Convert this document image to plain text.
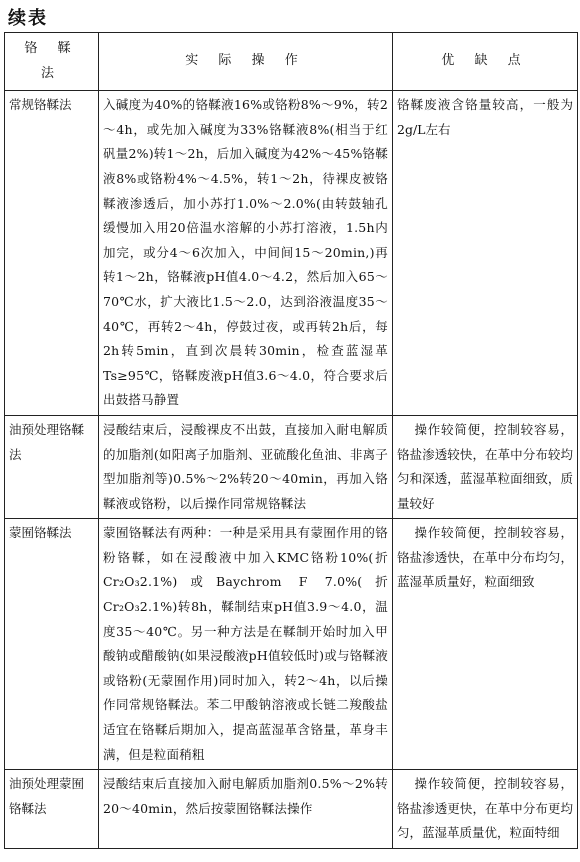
续表
铬 鞣 法	实 际 操 作	优 缺 点
常规铬鞣法	入碱度为40%的铬鞣液16%或铬粉8%～9%，转2～4h，或先加入碱度为33%铬鞣液8%(相当于红矾量2%)转1～2h，后加入碱度为42%～45%铬鞣液8%或铬粉4%～4.5%，转1～2h，待裸皮被铬鞣液渗透后，加小苏打1.0%～2.0%(由转鼓轴孔缓慢加入用20倍温水溶解的小苏打溶液，1.5h内加完，或分4～6次加入，中间间15～20min,)再转1～2h，铬鞣液pH值4.0～4.2，然后加入65～70℃水，扩大液比1.5～2.0，达到浴液温度35～40℃，再转2～4h，停鼓过夜，或再转2h后，每2h转5min，直到次晨转30min，检查蓝湿革Ts≥95℃，铬鞣废液pH值3.6～4.0，符合要求后出鼓搭马静置	铬鞣废液含铬量较高，一般为2g/L左右
油预处理铬鞣法	浸酸结束后，浸酸裸皮不出鼓，直接加入耐电解质的加脂剂(如阳离子加脂剂、亚硫酸化鱼油、非离子型加脂剂等)0.5%～2%转20～40min，再加入铬鞣液或铬粉，以后操作同常规铬鞣法	操作较简便，控制较容易，铬盐渗透较快，在革中分布较均匀和深透，蓝湿革粒面细致，质量较好
蒙囿铬鞣法	蒙囿铬鞣法有两种：一种是采用具有蒙囿作用的铬粉铬鞣，如在浸酸液中加入KMC铬粉10%(折Cr₂O₃2.1%)或Baychrom F 7.0%(折Cr₂O₃2.1%)转8h，鞣制结束pH值3.9～4.0，温度35～40℃。另一种方法是在鞣制开始时加入甲酸钠或醋酸钠(如果浸酸液pH值较低时)或与铬鞣液或铬粉(无蒙囿作用)同时加入，转2～4h，以后操作同常规铬鞣法。苯二甲酸钠溶液或长链二羧酸盐适宜在铬鞣后期加入，提高蓝湿革含铬量，革身丰满，但是粒面稍粗	操作较简便，控制较容易，铬盐渗透快，在革中分布均匀，蓝湿革质量好，粒面细致
油预处理蒙囿铬鞣法	浸酸结束后直接加入耐电解质加脂剂0.5%～2%转20～40min，然后按蒙囿铬鞣法操作	操作较简便，控制较容易，铬盐渗透更快，在革中分布更均匀，蓝湿革质量优，粒面特细
